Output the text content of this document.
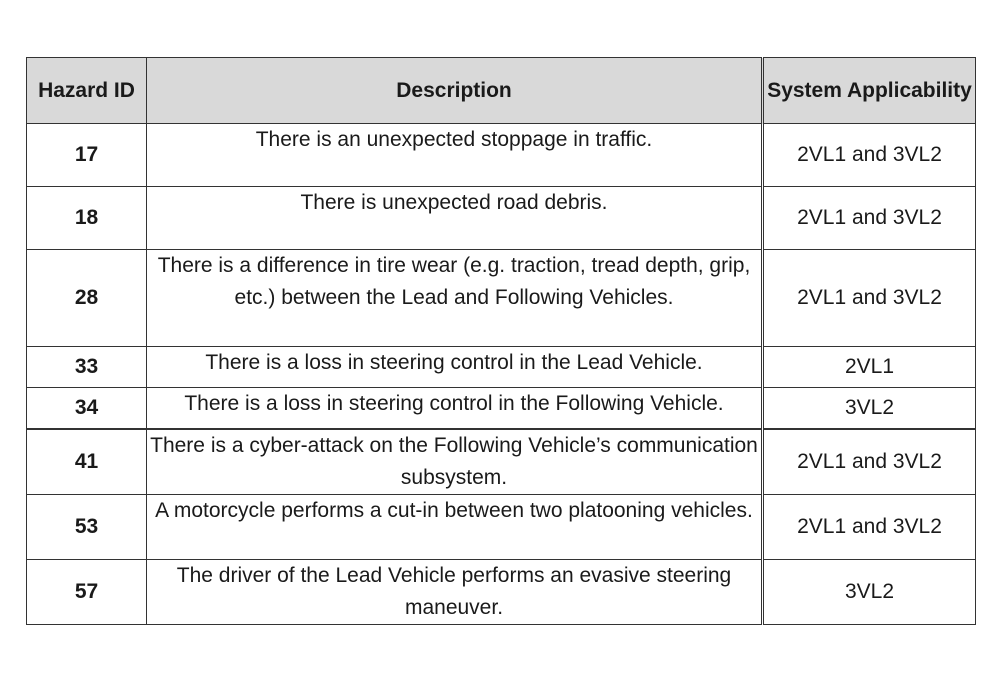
Hazard ID	Description	System Applicability
17	There is an unexpected stoppage in traffic.	2VL1 and 3VL2
18	There is unexpected road debris.	2VL1 and 3VL2
28	There is a difference in tire wear (e.g. traction, tread depth, grip, etc.) between the Lead and Following Vehicles.	2VL1 and 3VL2
33	There is a loss in steering control in the Lead Vehicle.	2VL1
34	There is a loss in steering control in the Following Vehicle.	3VL2
41	There is a cyber-attack on the Following Vehicle’s communication subsystem.	2VL1 and 3VL2
53	A motorcycle performs a cut-in between two platooning vehicles.	2VL1 and 3VL2
57	The driver of the Lead Vehicle performs an evasive steering maneuver.	3VL2
